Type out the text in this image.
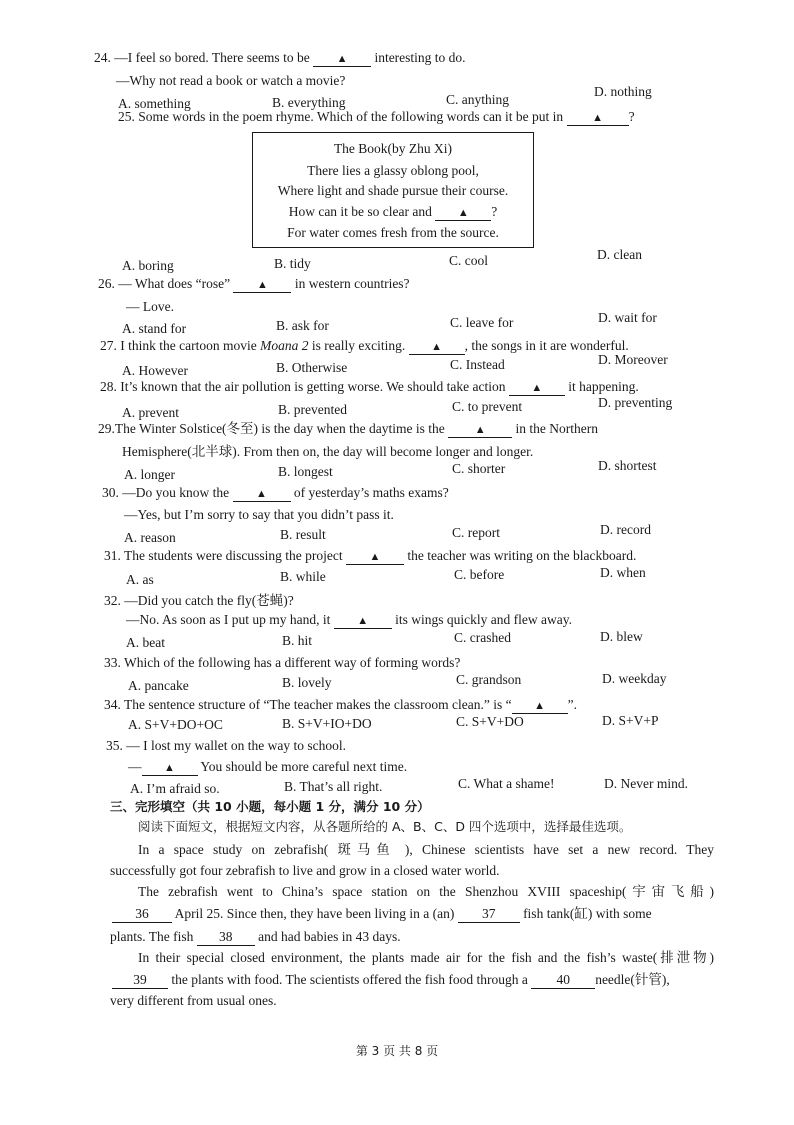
24. —I feel so bored. There seems to be ▲ interesting to do.
—Why not read a book or watch a movie?
A. something	B. everything	C. anything
D. nothing
25. Some words in the poem rhyme. Which of the following words can it be put in	▲ ?
The Book(by Zhu Xi)
There lies a glassy oblong pool,
Where light and shade pursue their course.
How can it be so clear and ▲ ?
For water comes fresh from the source.
A. boring	B. tidy	C. cool	D. clean
26. — What does “rose” ▲ in western countries?
— Love.
A. stand for	B. ask for	C. leave for	D. wait for
27. I think the cartoon movie Moana 2 is really exciting. ▲ , the songs in it are wonderful.
A. However	B. Otherwise	C. Instead	D. Moreover
28. It’s known that the air pollution is getting worse. We should take action ▲ it happening.
A. prevent	B. prevented	C. to prevent	D. preventing
29.The Winter Solstice(冬至) is the day when the daytime is the	▲ in the Northern
Hemisphere(北半球). From then on, the day will become longer and longer.
A. longer	B. longest	C. shorter	D. shortest
30. —Do you know the ▲ of yesterday’s maths exams?
—Yes, but I’m sorry to say that you didn’t pass it.
A. reason	B. result	C. report	D. record
31. The students were discussing the project ▲ the teacher was writing on the blackboard.
A. as	B. while	C. before	D. when
32. —Did you catch the fly(苍蝇)?
—No. As soon as I put up my hand, it ▲ its wings quickly and flew away.
A. beat	B. hit	C. crashed	D. blew
33. Which of the following has a different way of forming words?
A. pancake	B. lovely	C. grandson	D. weekday
34. The sentence structure of “The teacher makes the classroom clean.” is “ ▲ ”.
A. S+V+DO+OC	B. S+V+IO+DO	C. S+V+DO	D. S+V+P
35. — I lost my wallet on the way to school.
— ▲ You should be more careful next time.
A. I’m afraid so.	B. That’s all right.	C. What a shame!	D. Never mind.
三、完形填空（共 10 小题，每小题 1 分，满分 10 分）
阅读下面短文，根据短文内容，从各题所给的 A、B、C、D 四个选项中，选择最佳选项。
In a space study on zebrafish( 斑马鱼 ), Chinese scientists have set a new record. They
successfully got four zebrafish to live and grow in a closed water world.
The zebrafish went to China’s space station on the Shenzhou XVIII spaceship(宇宙飞船)
36 April 25. Since then, they have been living in a (an) 37 fish tank(缸) with some
plants. The fish 38 and had babies in 43 days.
In their special closed environment, the plants made air for the fish and the fish’s waste(排泄物)
39 the plants with food. The scientists offered the fish food through a 40 needle(针管),
very different from usual ones.
第 3 页 共 8 页
